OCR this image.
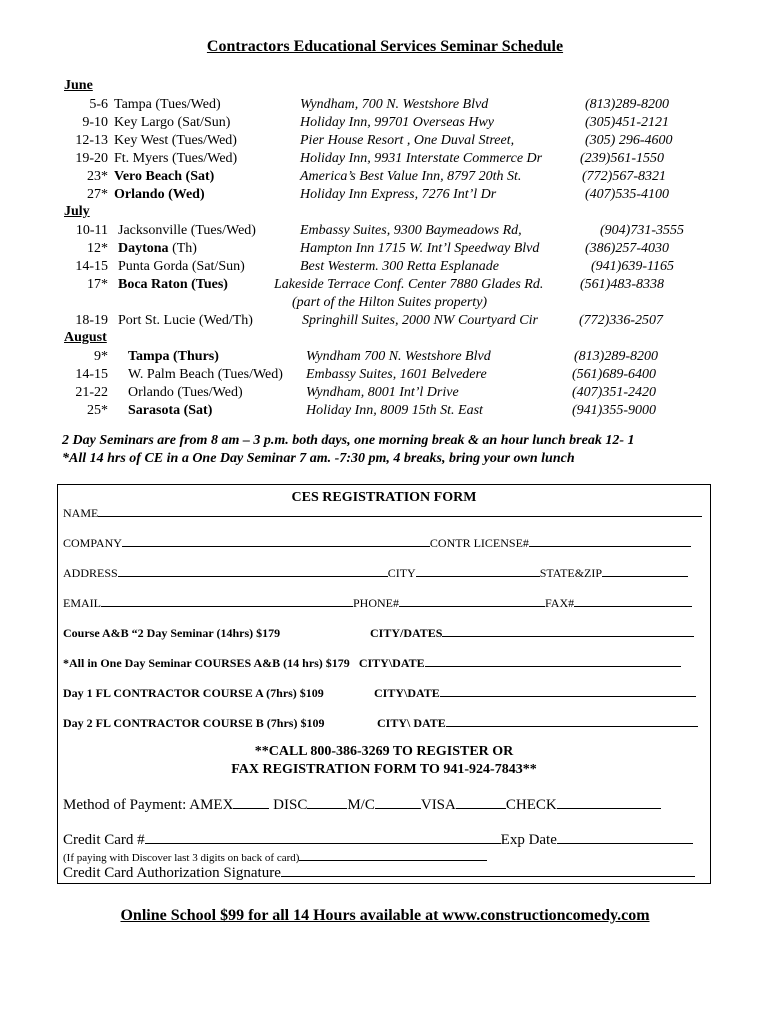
Contractors Educational Services Seminar Schedule
June
5-6 Tampa (Tues/Wed)	Wyndham, 700 N. Westshore Blvd	(813)289-8200
9-10 Key Largo (Sat/Sun)	Holiday Inn, 99701 Overseas Hwy	(305)451-2121
12-13 Key West (Tues/Wed)	Pier House Resort , One Duval Street,	(305) 296-4600
19-20 Ft. Myers (Tues/Wed)	Holiday Inn, 9931 Interstate Commerce Dr	(239)561-1550
23* Vero Beach (Sat)	America’s Best Value Inn, 8797 20th St.	(772)567-8321
27* Orlando (Wed)	Holiday Inn Express, 7276 Int’l Dr	(407)535-4100
July
10-11 Jacksonville (Tues/Wed)	Embassy Suites, 9300 Baymeadows Rd,	(904)731-3555
12* Daytona (Th)	Hampton Inn 1715 W. Int’l Speedway Blvd	(386)257-4030
14-15 Punta Gorda (Sat/Sun)	Best Westerm. 300 Retta Esplanade	(941)639-1165
17* Boca Raton (Tues)	Lakeside Terrace Conf. Center 7880 Glades Rd.	(561)483-8338
(part of the Hilton Suites property)
18-19 Port St. Lucie (Wed/Th)	Springhill Suites, 2000 NW Courtyard Cir	(772)336-2507
August
9* Tampa (Thurs)	Wyndham 700 N. Westshore Blvd	(813)289-8200
14-15 W. Palm Beach (Tues/Wed) Embassy Suites, 1601 Belvedere	(561)689-6400
21-22 Orlando (Tues/Wed)	Wyndham, 8001 Int’l Drive	(407)351-2420
25* Sarasota (Sat)	Holiday Inn, 8009 15th St. East	(941)355-9000
2 Day Seminars are from 8 am – 3 p.m. both days, one morning break & an hour lunch break 12- 1
*All 14 hrs of CE in a One Day Seminar 7 am. -7:30 pm, 4 breaks, bring your own lunch
CES REGISTRATION FORM
NAME
COMPANY	CONTR LICENSE#
ADDRESS	CITY	STATE&ZIP
EMAIL	PHONE#	FAX#
Course A&B “2 Day Seminar (14hrs) $179	CITY/DATES
*All in One Day Seminar COURSES A&B (14 hrs) $179 CITY\DATE
Day 1 FL CONTRACTOR COURSE A (7hrs) $109	CITY\DATE
Day 2 FL CONTRACTOR COURSE B (7hrs) $109	CITY\ DATE
**CALL 800-386-3269 TO REGISTER OR
FAX REGISTRATION FORM TO 941-924-7843**
Method of Payment: AMEX	DISC	M/C	VISA	CHECK
Credit Card #	Exp Date
(If paying with Discover last 3 digits on back of card)
Credit Card Authorization Signature
Online School $99 for all 14 Hours available at www.constructioncomedy.com
